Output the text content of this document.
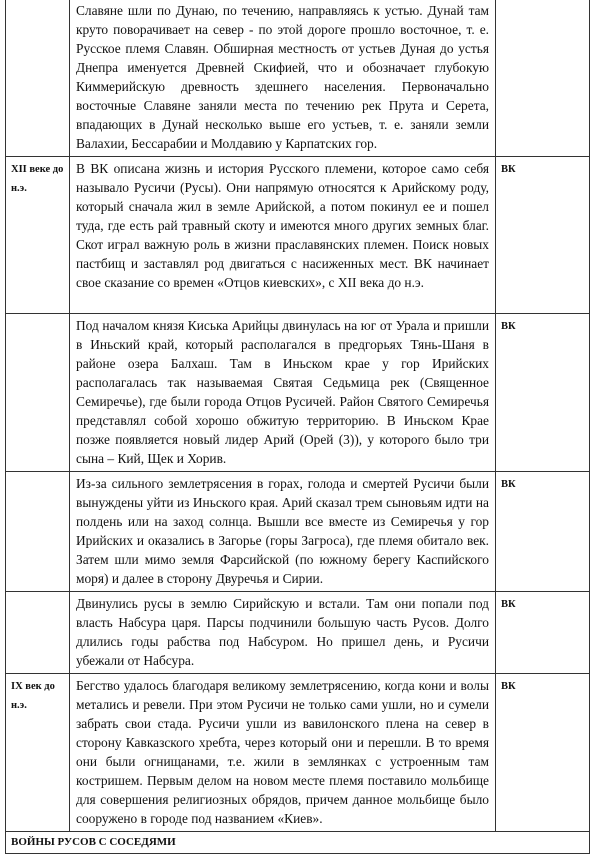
	Славяне шли по Дунаю, по течению, направляясь к устью. Дунай там круто поворачивает на север - по этой дороге прошло восточное, т. е. Русское племя Славян. Обширная местность от устьев Дуная до устья Днепра именуется Древней Скифией, что и обозначает глубокую Киммерийскую древность здешнего населения. Первоначально восточные Славяне заняли места по течению рек Прута и Серета, впадающих в Дунай несколько выше его устьев, т. е. заняли земли Валахии, Бессарабии и Молдавию у Карпатских гор.	

XII веке до н.э.	В ВК описана жизнь и история Русского племени, которое само себя называло Русичи (Русы). Они напрямую относятся к Арийскому роду, который сначала жил в земле Арийской, а потом покинул ее и пошел туда, где есть рай травный скоту и имеются много других земных благ. Скот играл важную роль в жизни праславянских племен. Поиск новых пастбищ и заставлял род двигаться с насиженных мест. ВК начинает свое сказание со времен «Отцов киевских», с XII века до н.э.	ВК

	Под началом князя Киська Арийцы двинулась на юг от Урала и пришли в Иньский край, который располагался в предгорьях Тянь-Шаня в районе озера Балхаш. Там в Иньском крае у гор Ирийских располагалась так называемая Святая Седьмица рек (Священное Семиречье), где были города Отцов Русичей. Район Святого Семиречья представлял собой хорошо обжитую территорию. В Иньском Крае позже появляется новый лидер Арий (Орей (3)), у которого было три сына – Кий, Щек и Хорив.	ВК

	Из-за сильного землетрясения в горах, голода и смертей Русичи были вынуждены уйти из Иньского края. Арий сказал трем сыновьям идти на полдень или на заход солнца. Вышли все вместе из Семиречья у гор Ирийских и оказались в Загорье (горы Загроса), где племя обитало век. Затем шли мимо земля Фарсийской (по южному берегу Каспийского моря) и далее в сторону Двуречья и Сирии.	ВК

	Двинулись русы в землю Сирийскую и встали. Там они попали под власть Набсура царя. Парсы подчинили большую часть Русов. Долго длились годы рабства под Набсуром. Но пришел день, и Русичи убежали от Набсура.	ВК
IX век до н.э.	Бегство удалось благодаря великому землетрясению, когда кони и волы метались и ревели. При этом Русичи не только сами ушли, но и сумели забрать свои стада. Русичи ушли из вавилонского плена на север в сторону Кавказского хребта, через который они и перешли. В то время они были огнищанами, т.е. жили в землянках с устроенным там костришем. Первым делом на новом месте племя поставило мольбище для совершения религиозных обрядов, причем данное мольбище было сооружено в городе под названием «Киев».	ВК
ВОЙНЫ РУСОВ С СОСЕДЯМИ		
